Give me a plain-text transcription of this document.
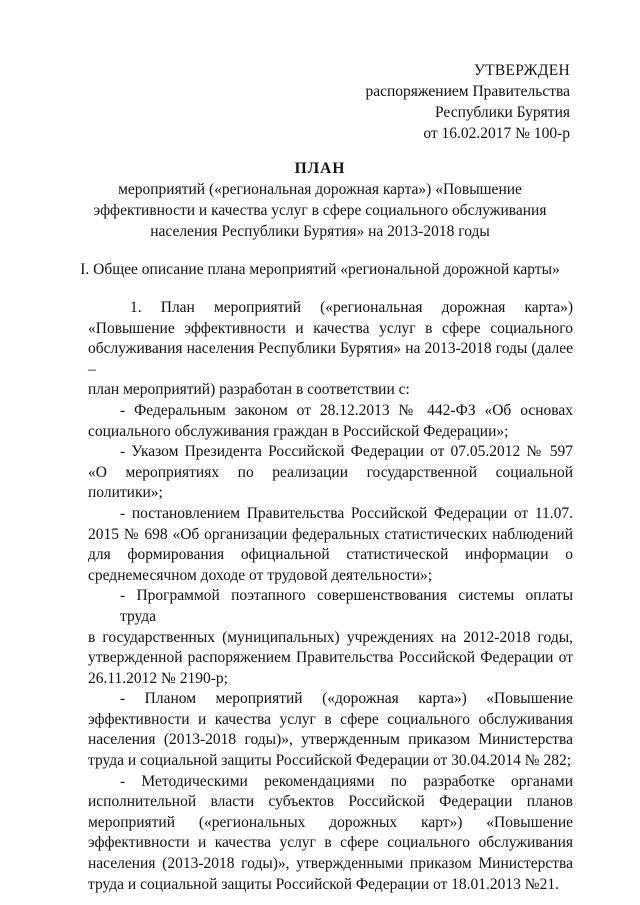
УТВЕРЖДЕН
распоряжением Правительства
Республики Бурятия
от 16.02.2017 № 100-р
ПЛАН
мероприятий («региональная дорожная карта») «Повышение
эффективности и качества услуг в сфере социального обслуживания
населения Республики Бурятия» на 2013-2018 годы
I. Общее описание плана мероприятий «региональной дорожной карты»
1. План мероприятий («региональная дорожная карта»)
«Повышение эффективности и качества услуг в сфере социального
обслуживания населения Республики Бурятия» на 2013-2018 годы (далее –
план мероприятий) разработан в соответствии с:
- Федеральным законом от 28.12.2013 № 442-ФЗ «Об основах
социального обслуживания граждан в Российской Федерации»;
- Указом Президента Российской Федерации от 07.05.2012 № 597
«О мероприятиях по реализации государственной социальной политики»;
- постановлением Правительства Российской Федерации от 11.07.
2015 № 698 «Об организации федеральных статистических наблюдений
для формирования официальной статистической информации о
среднемесячном доходе от трудовой деятельности»;
- Программой поэтапного совершенствования системы оплаты труда
в государственных (муниципальных) учреждениях на 2012-2018 годы,
утвержденной распоряжением Правительства Российской Федерации от
26.11.2012 № 2190-р;
- Планом мероприятий («дорожная карта») «Повышение
эффективности и качества услуг в сфере социального обслуживания
населения (2013-2018 годы)», утвержденным приказом Министерства
труда и социальной защиты Российской Федерации от 30.04.2014 № 282;
- Методическими рекомендациями по разработке органами
исполнительной власти субъектов Российской Федерации планов
мероприятий («региональных дорожных карт») «Повышение
эффективности и качества услуг в сфере социального обслуживания
населения (2013-2018 годы)», утвержденными приказом Министерства
труда и социальной защиты Российской Федерации от 18.01.2013 №21.
